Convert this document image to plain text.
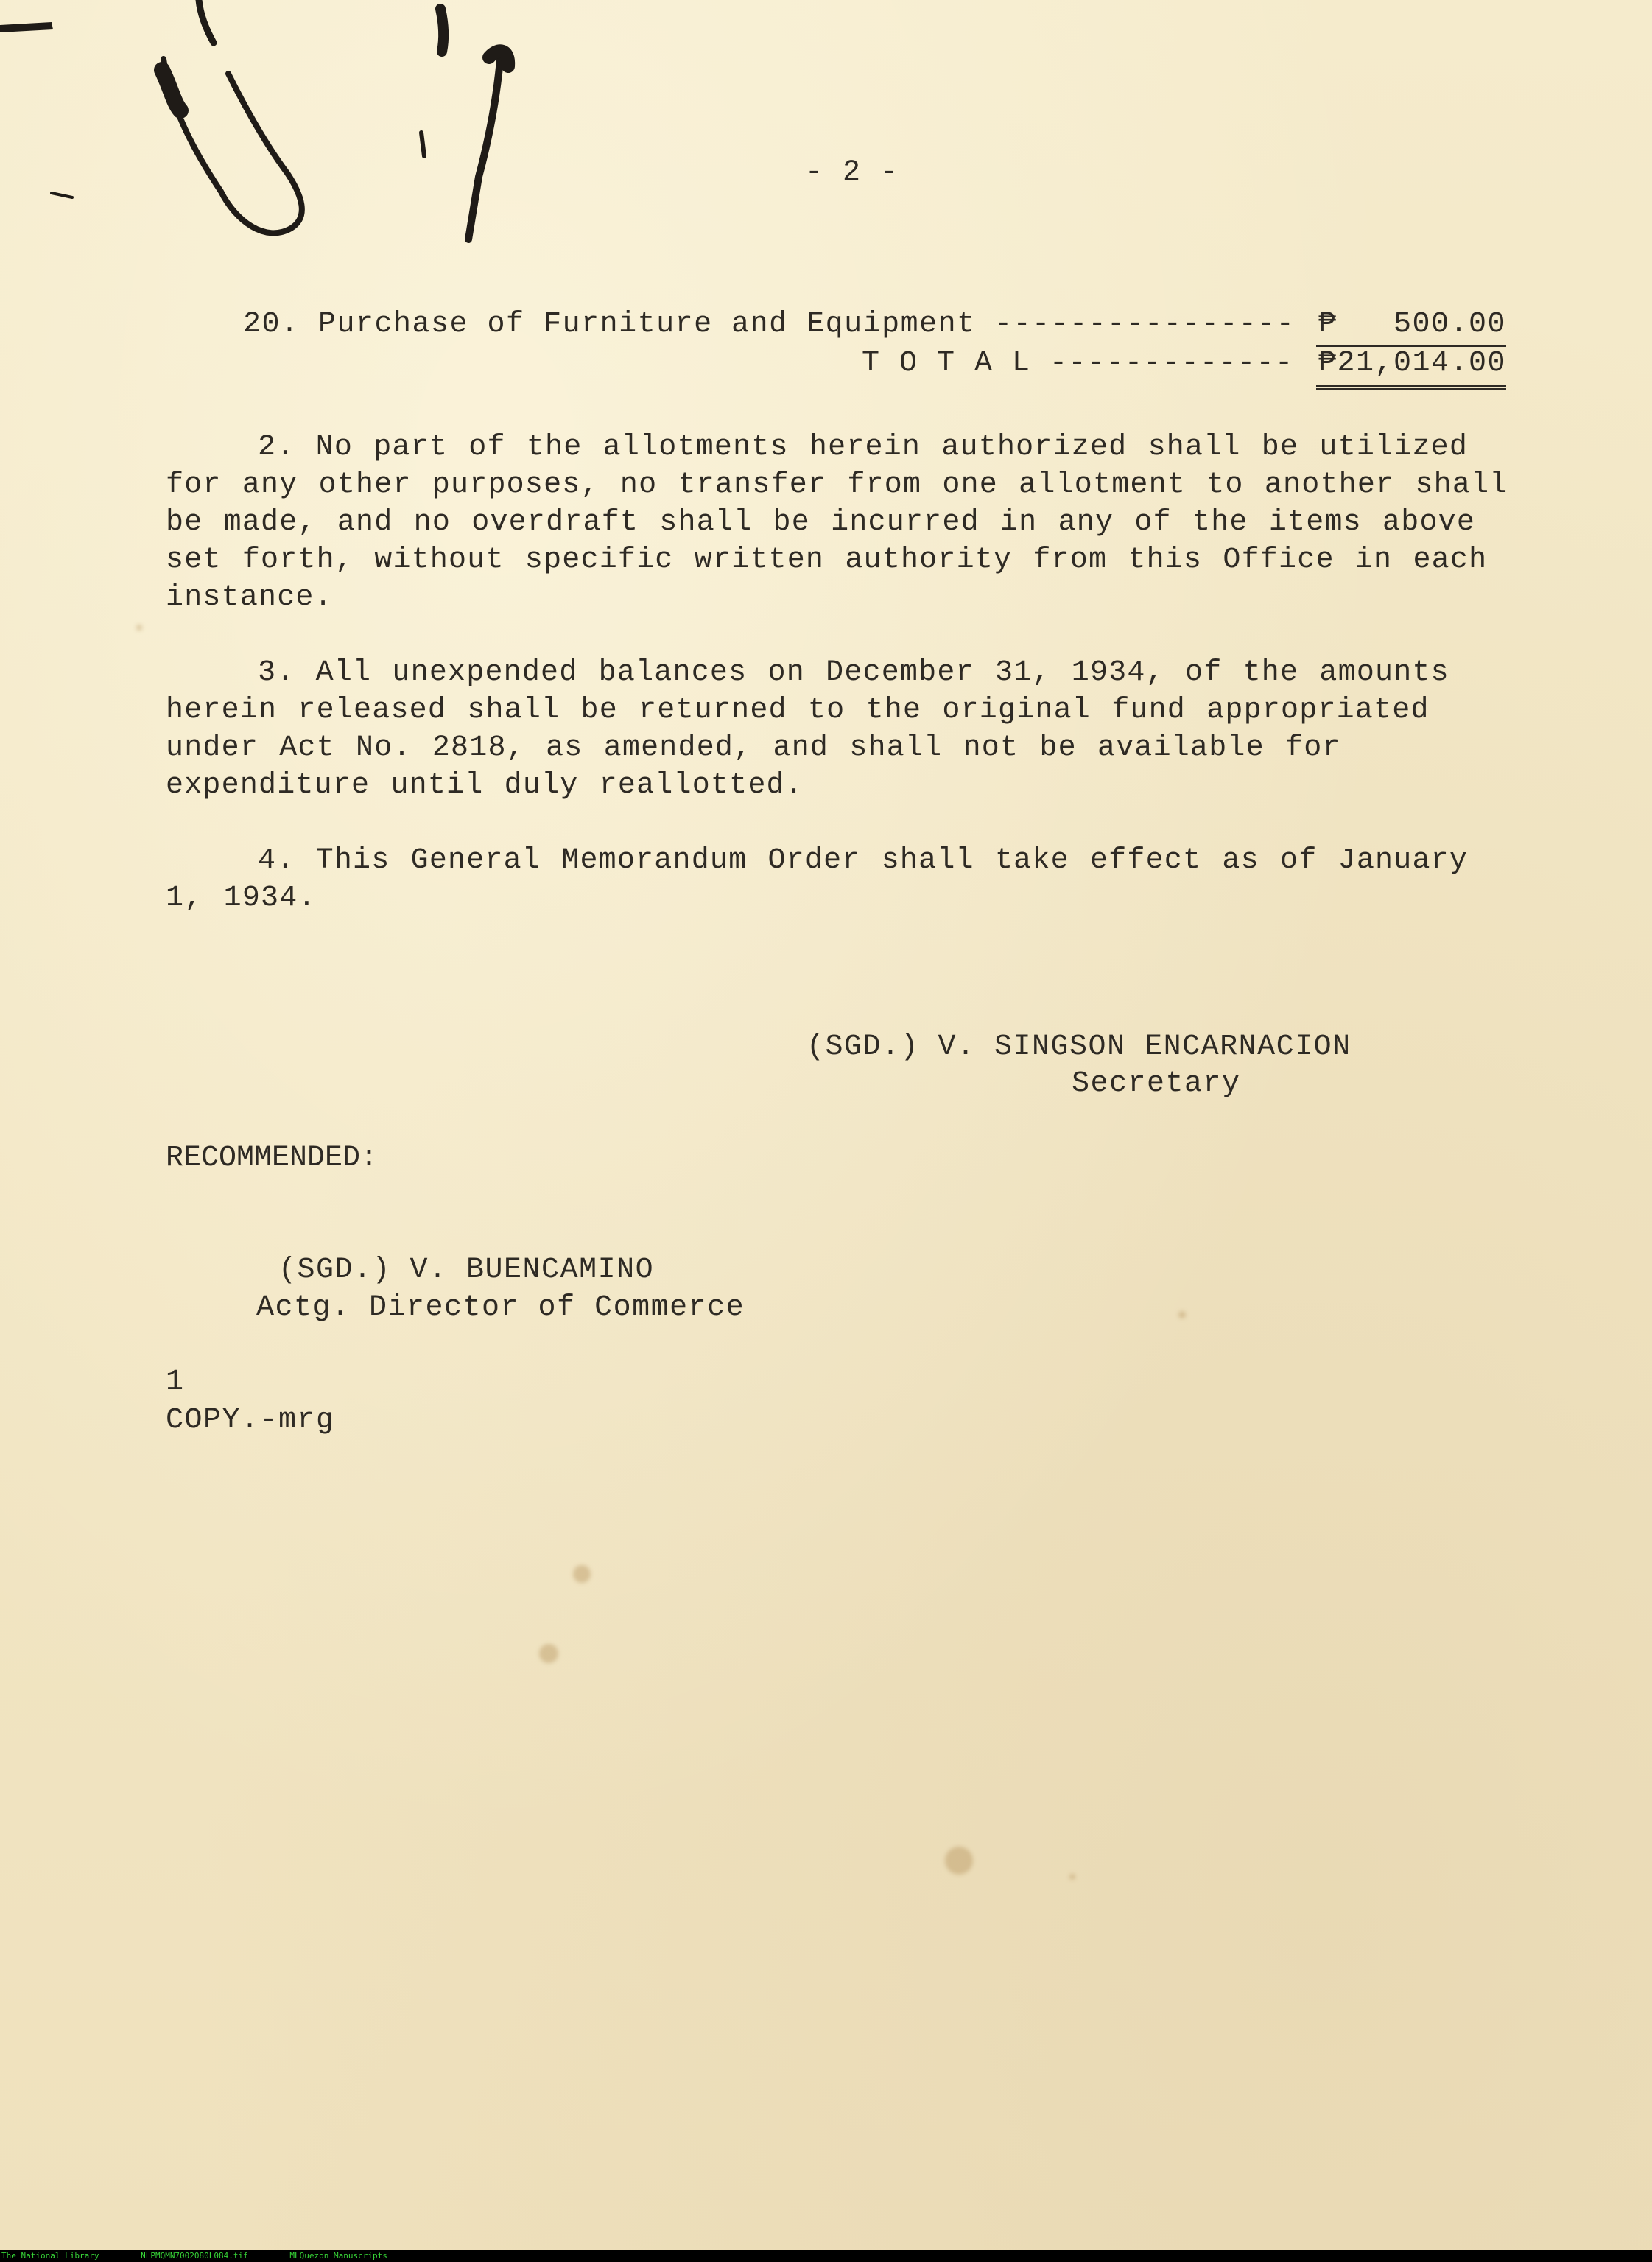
- 2 -
20. Purchase of Furniture and Equipment ---------------- ₱   500.00
T O T A L ------------- ₱21,014.00
2. No part of the allotments herein authorized shall be utilized for any other purposes, no transfer from one allotment to another shall be made, and no overdraft shall be incurred in any of the items above set forth, without specific written authority from this Office in each instance.
3. All unexpended balances on December 31, 1934, of the amounts herein released shall be returned to the original fund appropriated under Act No. 2818, as amended, and shall not be available for expenditure until duly reallotted.
4. This General Memorandum Order shall take effect as of January 1, 1934.
(SGD.) V. SINGSON ENCARNACION
Secretary
RECOMMENDED:
(SGD.) V. BUENCAMINO
Actg. Director of Commerce
1
COPY.-mrg
The National Library	NLPMQMN7002080L084.tif	MLQuezon Manuscripts
